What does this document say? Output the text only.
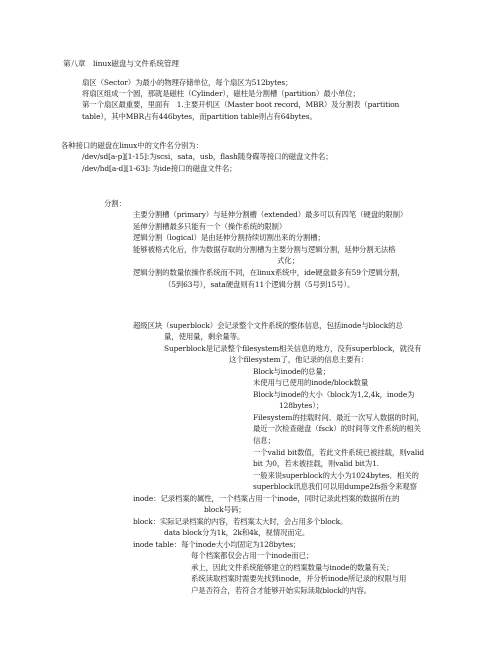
第八章　linux磁盘与文件系统管理
扇区（Sector）为最小的物理存储单位，每个扇区为512bytes；
将扇区组成一个圆，那就是磁柱（Cylinder），磁柱是分割槽（partition）最小单位；
第一个扇区最重要，里面有　1.主要开机区（Master boot record，MBR）及分割表（partition
table），其中MBR占有446bytes，而partition table则占有64bytes。
各种接口的磁盘在linux中的文件名分别为：
/dev/sd[a-p][1-15]:为scsi，sata，usb，flash随身碟等接口的磁盘文件名；
/dev/hd[a-d][1-63]: 为ide接口的磁盘文件名；
分割：
主要分割槽（primary）与延伸分割槽（extended）最多可以有四笔（硬盘的限制）
延伸分割槽最多只能有一个（操作系统的限制）
逻辑分割（logical）是由延伸分割持续切割出来的分割槽；
能够被格式化后，作为数据存取的分割槽为主要分割与逻辑分割，延伸分割无法格
式化；
逻辑分割的数量依操作系统而不同，在linux系统中，ide硬盘最多有59个逻辑分割，
（5到63号），sata硬盘则有11个逻辑分割（5号到15号）。
超级区块（superblock）会记录整个文件系统的整体信息，包括inode与block的总
量，使用量，剩余量等。
Superblock是记录整个filesystem相关信息的地方，没有superblock，就没有
这个filesystem了，他记录的信息主要有：
Block与inode的总量；
未使用与已使用的inode/block数量
Block与inode的大小（block为1,2,4k，inode为
128bytes）；
Filesystem的挂载时间、最近一次写入数据的时间，
最近一次检查磁盘（fsck）的时间等文件系统的相关
信息；
一个valid bit数值，若此文件系统已被挂载，则valid
bit 为0，若未被挂载，则valid bit为1.
一般来说superblock的大小为1024bytes．相关的
superblock讯息我们可以用dumpe2fs指令来观察
inode：记录档案的属性，一个档案占用一个inode，同时记录此档案的数据所在的
block号码；
block：实际记录档案的内容，若档案太大时，会占用多个block。
data block分为1k，2k和4k，视情况而定。
inode table：每个inode大小均固定为128bytes；
每个档案都仅会占用一个inode而已；
承上，因此文件系统能够建立的档案数量与inode的数量有关；
系统读取档案时需要先找到inode，并分析inode所记录的权限与用
户是否符合，若符合才能够开始实际读取block的内容。
